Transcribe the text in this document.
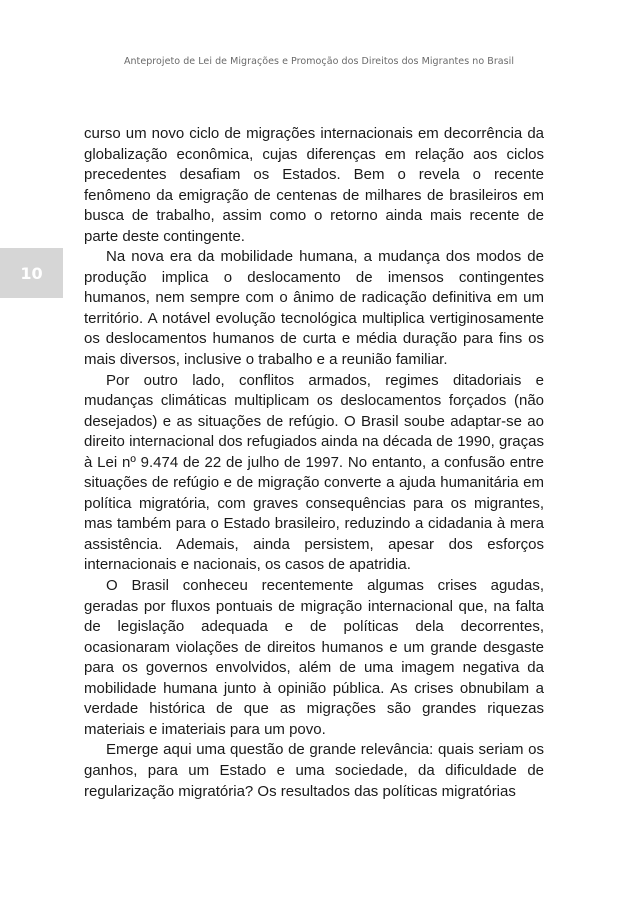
Anteprojeto de Lei de Migrações e Promoção dos Direitos dos Migrantes no Brasil
10

curso um novo ciclo de migrações internacionais em decorrência da globalização econômica, cujas diferenças em relação aos ciclos precedentes desafiam os Estados. Bem o revela o recente fenômeno da emigração de centenas de milhares de brasileiros em busca de trabalho, assim como o retorno ainda mais recente de parte deste contingente.

Na nova era da mobilidade humana, a mudança dos modos de produção implica o deslocamento de imensos contingentes humanos, nem sempre com o ânimo de radicação definitiva em um território. A notável evolução tecnológica multiplica vertiginosamente os deslocamentos humanos de curta e média duração para fins os mais diversos, inclusive o trabalho e a reunião familiar.

Por outro lado, conflitos armados, regimes ditadoriais e mudanças climáticas multiplicam os deslocamentos forçados (não desejados) e as situações de refúgio. O Brasil soube adaptar-se ao direito internacional dos refugiados ainda na década de 1990, graças à Lei nº 9.474 de 22 de julho de 1997. No entanto, a confusão entre situações de refúgio e de migração converte a ajuda humanitária em política migratória, com graves consequências para os migrantes, mas também para o Estado brasileiro, reduzindo a cidadania à mera assistência. Ademais, ainda persistem, apesar dos esforços internacionais e nacionais, os casos de apatridia.

O Brasil conheceu recentemente algumas crises agudas, geradas por fluxos pontuais de migração internacional que, na falta de legislação adequada e de políticas dela decorrentes, ocasionaram violações de direitos humanos e um grande desgaste para os governos envolvidos, além de uma imagem negativa da mobilidade humana junto à opinião pública. As crises obnubilam a verdade histórica de que as migrações são grandes riquezas materiais e imateriais para um povo.

Emerge aqui uma questão de grande relevância: quais seriam os ganhos, para um Estado e uma sociedade, da dificuldade de regularização migratória? Os resultados das políticas migratórias
